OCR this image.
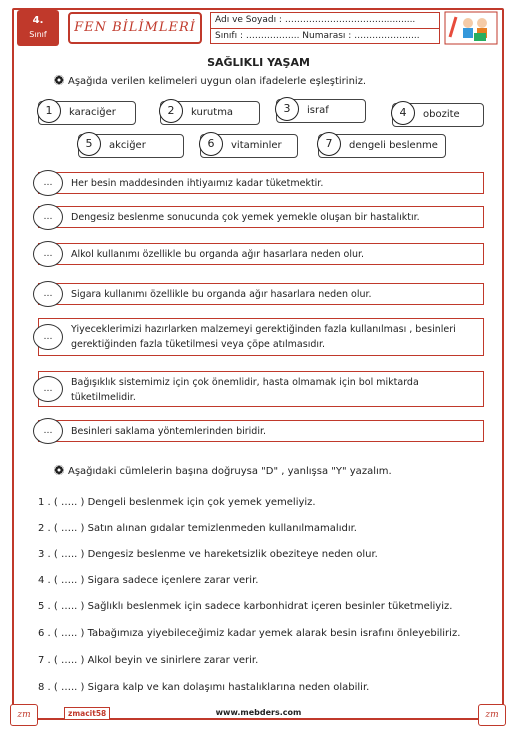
4.
Sınıf	FEN BİLİMLERİ	Adı ve Soyadı : ……………………………...........
Sınıfı : ……………... Numarası : ………………....
SAĞLIKLI YAŞAM
Aşağıda verilen kelimeleri uygun olan ifadelerle eşleştiriniz.
1	karaciğer	2	kurutma	3	israf	4	obozite
5	akciğer	6	vitaminler	7	dengeli beslenme
…	Her besin maddesinden ihtiyaımız kadar tüketmektir.
…	Dengesiz beslenme sonucunda çok yemek yemekle oluşan bir hastalıktır.
…	Alkol kullanımı özellikle bu organda ağır hasarlara neden olur.
…	Sigara kullanımı özellikle bu organda ağır hasarlara neden olur.
…
Yiyeceklerimizi hazırlarken malzemeyi gerektiğinden fazla kullanılması , besinleri gerektiğinden fazla tüketilmesi veya çöpe atılmasıdır.
…
Bağışıklık sistemimiz için çok önemlidir, hasta olmamak için bol miktarda tüketilmelidir.
…	Besinleri saklama yöntemlerinden biridir.
Aşağıdaki cümlelerin başına doğruysa "D" , yanlışsa "Y" yazalım.
1 . ( ….. ) Dengeli beslenmek için çok yemek yemeliyiz.
2 . ( ….. ) Satın alınan gıdalar temizlenmeden kullanılmamalıdır.
3 . ( ….. ) Dengesiz beslenme ve hareketsizlik obeziteye neden olur.
4 . ( ….. ) Sigara sadece içenlere zarar verir.
5 . ( ….. ) Sağlıklı beslenmek için sadece karbonhidrat içeren besinler tüketmeliyiz.
6 . ( ….. ) Tabağımıza yiyebileceğimiz kadar yemek alarak besin israfını önleyebiliriz.
7 . ( ….. ) Alkol beyin ve sinirlere zarar verir.
8 . ( ….. ) Sigara kalp ve kan dolaşımı hastalıklarına neden olabilir.
zm	zmacit58	www.mebders.com	zm
